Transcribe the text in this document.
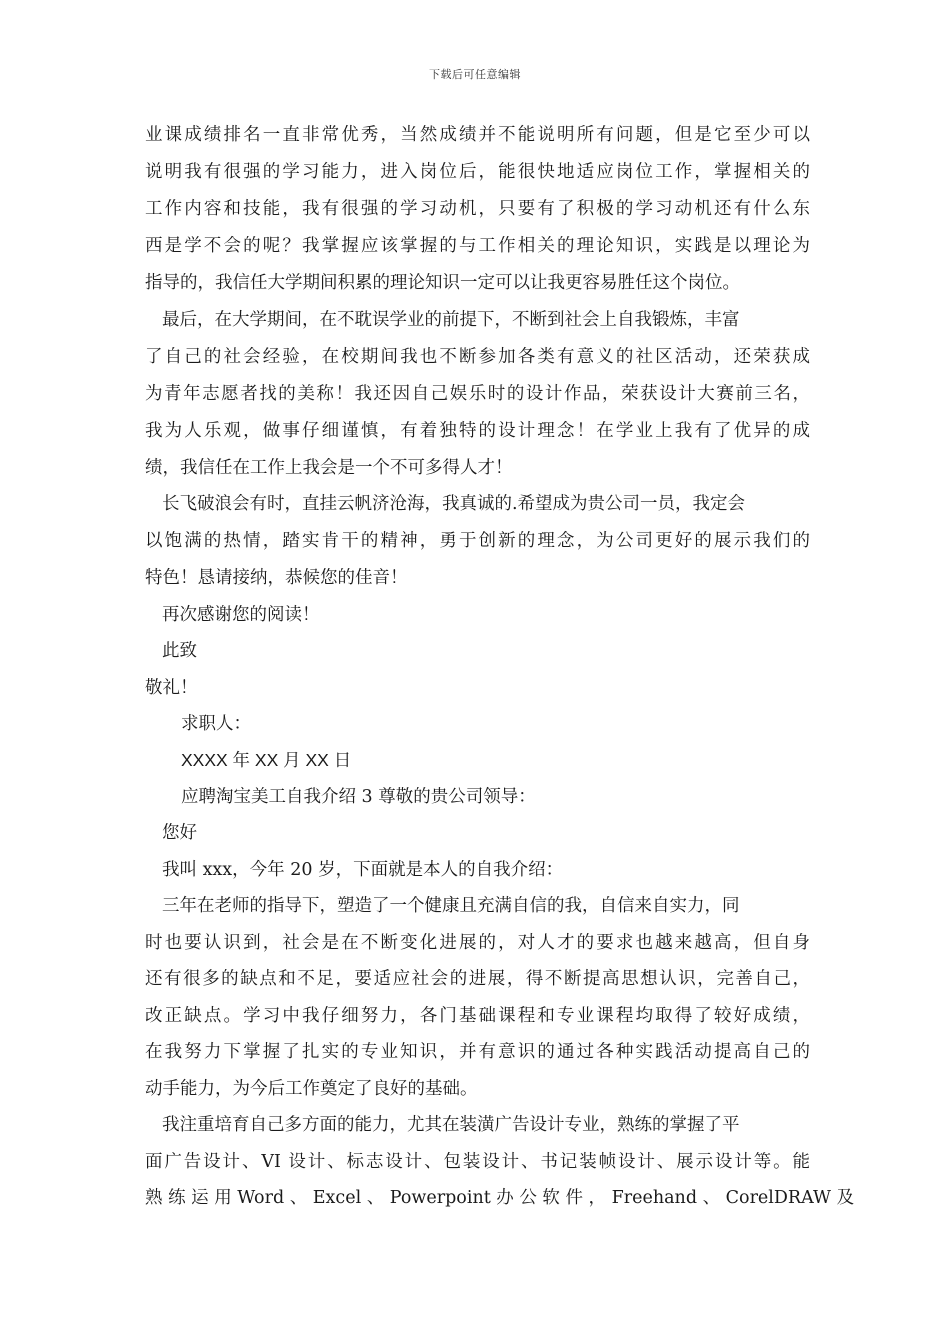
下载后可任意编辑
业课成绩排名一直非常优秀，当然成绩并不能说明所有问题，但是它至少可以
说明我有很强的学习能力，进入岗位后，能很快地适应岗位工作，掌握相关的
工作内容和技能，我有很强的学习动机，只要有了积极的学习动机还有什么东
西是学不会的呢？我掌握应该掌握的与工作相关的理论知识，实践是以理论为
指导的，我信任大学期间积累的理论知识一定可以让我更容易胜任这个岗位。
最后，在大学期间，在不耽误学业的前提下，不断到社会上自我锻炼，丰富
了自己的社会经验，在校期间我也不断参加各类有意义的社区活动，还荣获成
为青年志愿者找的美称！我还因自己娱乐时的设计作品，荣获设计大赛前三名，
我为人乐观，做事仔细谨慎，有着独特的设计理念！在学业上我有了优异的成
绩，我信任在工作上我会是一个不可多得人才！
长飞破浪会有时，直挂云帆济沧海，我真诚的.希望成为贵公司一员，我定会
以饱满的热情，踏实肯干的精神，勇于创新的理念，为公司更好的展示我们的
特色！恳请接纳，恭候您的佳音！
再次感谢您的阅读！
此致
敬礼！
求职人：
XXXX 年 XX 月 XX 日
应聘淘宝美工自我介绍 3 尊敬的贵公司领导：
您好
我叫 xxx，今年 20 岁，下面就是本人的自我介绍：
三年在老师的指导下，塑造了一个健康且充满自信的我，自信来自实力，同
时也要认识到，社会是在不断变化进展的，对人才的要求也越来越高，但自身
还有很多的缺点和不足，要适应社会的进展，得不断提高思想认识，完善自己，
改正缺点。学习中我仔细努力，各门基础课程和专业课程均取得了较好成绩，
在我努力下掌握了扎实的专业知识，并有意识的通过各种实践活动提高自己的
动手能力，为今后工作奠定了良好的基础。
我注重培育自己多方面的能力，尤其在装潢广告设计专业，熟练的掌握了平
面广告设计、VI 设计、标志设计、包装设计、书记装帧设计、展示设计等。能
熟 练 运 用 Word 、 Excel 、 Powerpoint 办 公 软 件 ， Freehand 、 CorelDRAW 及
